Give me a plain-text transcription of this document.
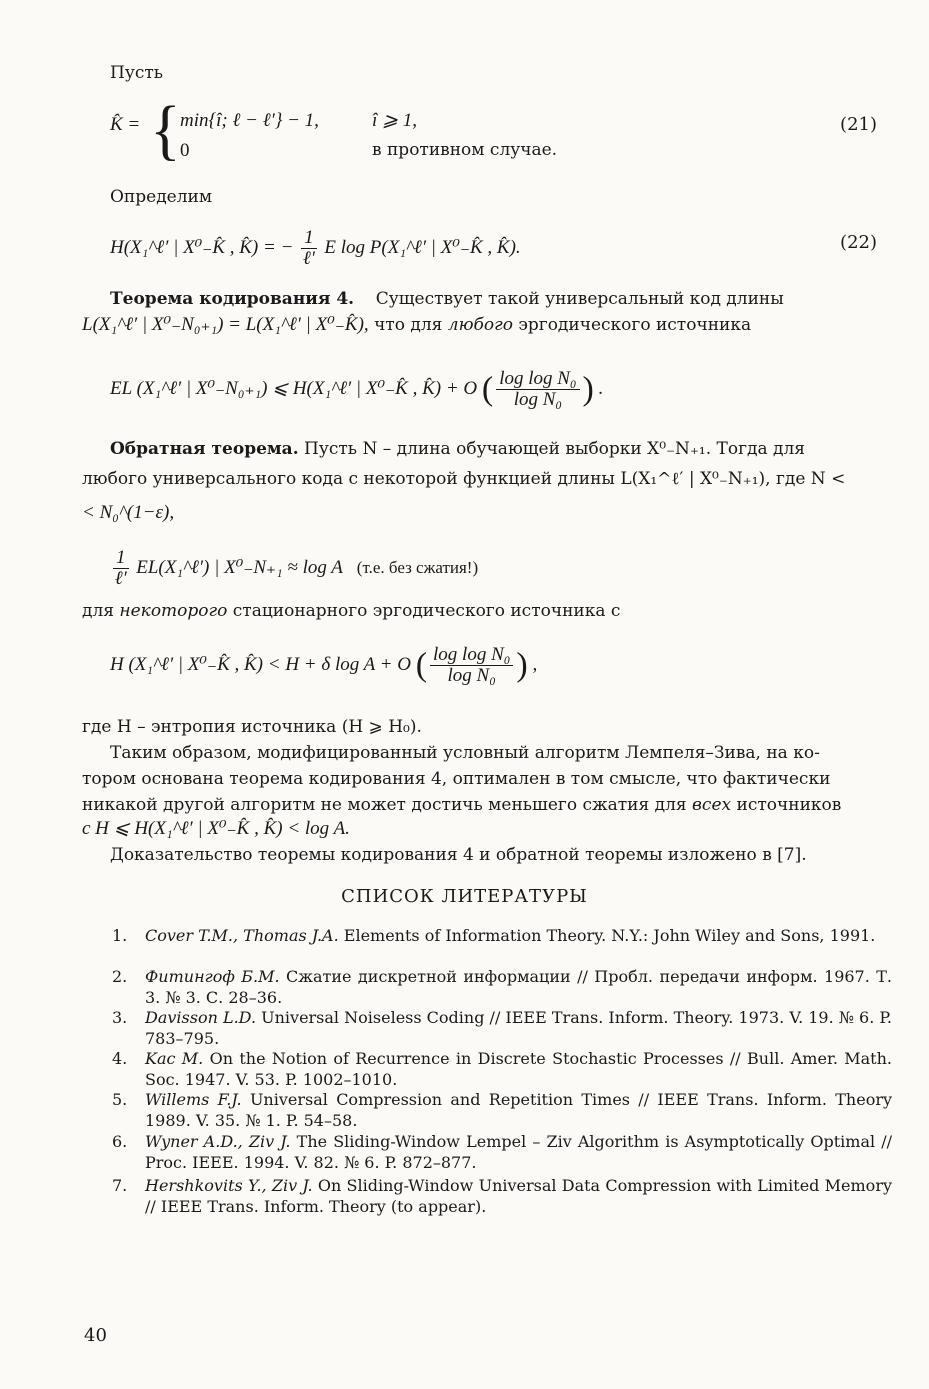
Пусть
K̂ = { min{î; ℓ − ℓ′} − 1,	î ⩾ 1,
0	в противном случае.
(21)
Определим
H(X₁^ℓ′ | X⁰₋K̂ , K̂) = − $\frac{1}{\text{ℓ′}}$ E log P(X₁^ℓ′ | X⁰₋K̂ , K̂).	(22)
Теорема кодирования 4. Существует такой универсальный код длины
L(X₁^ℓ′ | X⁰₋N₀₊₁) = L(X₁^ℓ′ | X⁰₋K̂), что для любого эргодического источника
EL (X₁^ℓ′ | X⁰₋N₀₊₁) ⩽ H(X₁^ℓ′ | X⁰₋K̂ , K̂) + O ( $\frac{\text{log log N₀}}{\text{log N₀}}$ ) .
Обратная теорема. Пусть N – длина обучающей выборки X⁰₋N₊₁. Тогда для
любого универсального кода с некоторой функцией длины L(X₁^ℓ′ | X⁰₋N₊₁), где N <
< N₀^(1−ε),
$\frac{1}{\text{ℓ′}}$ EL(X₁^ℓ′) | X⁰₋N₊₁ ≈ log A (т.е. без сжатия!)
для некоторого стационарного эргодического источника с
H (X₁^ℓ′ | X⁰₋K̂ , K̂) < H + δ log A + O ( $\frac{\text{log log N₀}}{\text{log N₀}}$ ) ,
где H – энтропия источника (H ⩾ H₀).
Таким образом, модифицированный условный алгоритм Лемпеля–Зива, на ко-
тором основана теорема кодирования 4, оптимален в том смысле, что фактически
никакой другой алгоритм не может достичь меньшего сжатия для всех источников
с H ⩽ H(X₁^ℓ′ | X⁰₋K̂ , K̂) < log A.
Доказательство теоремы кодирования 4 и обратной теоремы изложено в [7].
СПИСОК ЛИТЕРАТУРЫ
1. Cover T.M., Thomas J.A. Elements of Information Theory. N.Y.: John Wiley and Sons, 1991.
2. Фитингоф Б.М. Сжатие дискретной информации // Пробл. передачи информ. 1967. Т. 3. № 3. С. 28–36.
3. Davisson L.D. Universal Noiseless Coding // IEEE Trans. Inform. Theory. 1973. V. 19. № 6. P. 783–795.
4. Kac M. On the Notion of Recurrence in Discrete Stochastic Processes // Bull. Amer. Math. Soc. 1947. V. 53. P. 1002–1010.
5. Willems F.J. Universal Compression and Repetition Times // IEEE Trans. Inform. Theory 1989. V. 35. № 1. P. 54–58.
6. Wyner A.D., Ziv J. The Sliding-Window Lempel – Ziv Algorithm is Asymptotically Optimal // Proc. IEEE. 1994. V. 82. № 6. P. 872–877.
7. Hershkovits Y., Ziv J. On Sliding-Window Universal Data Compression with Limited Memory // IEEE Trans. Inform. Theory (to appear).
40
